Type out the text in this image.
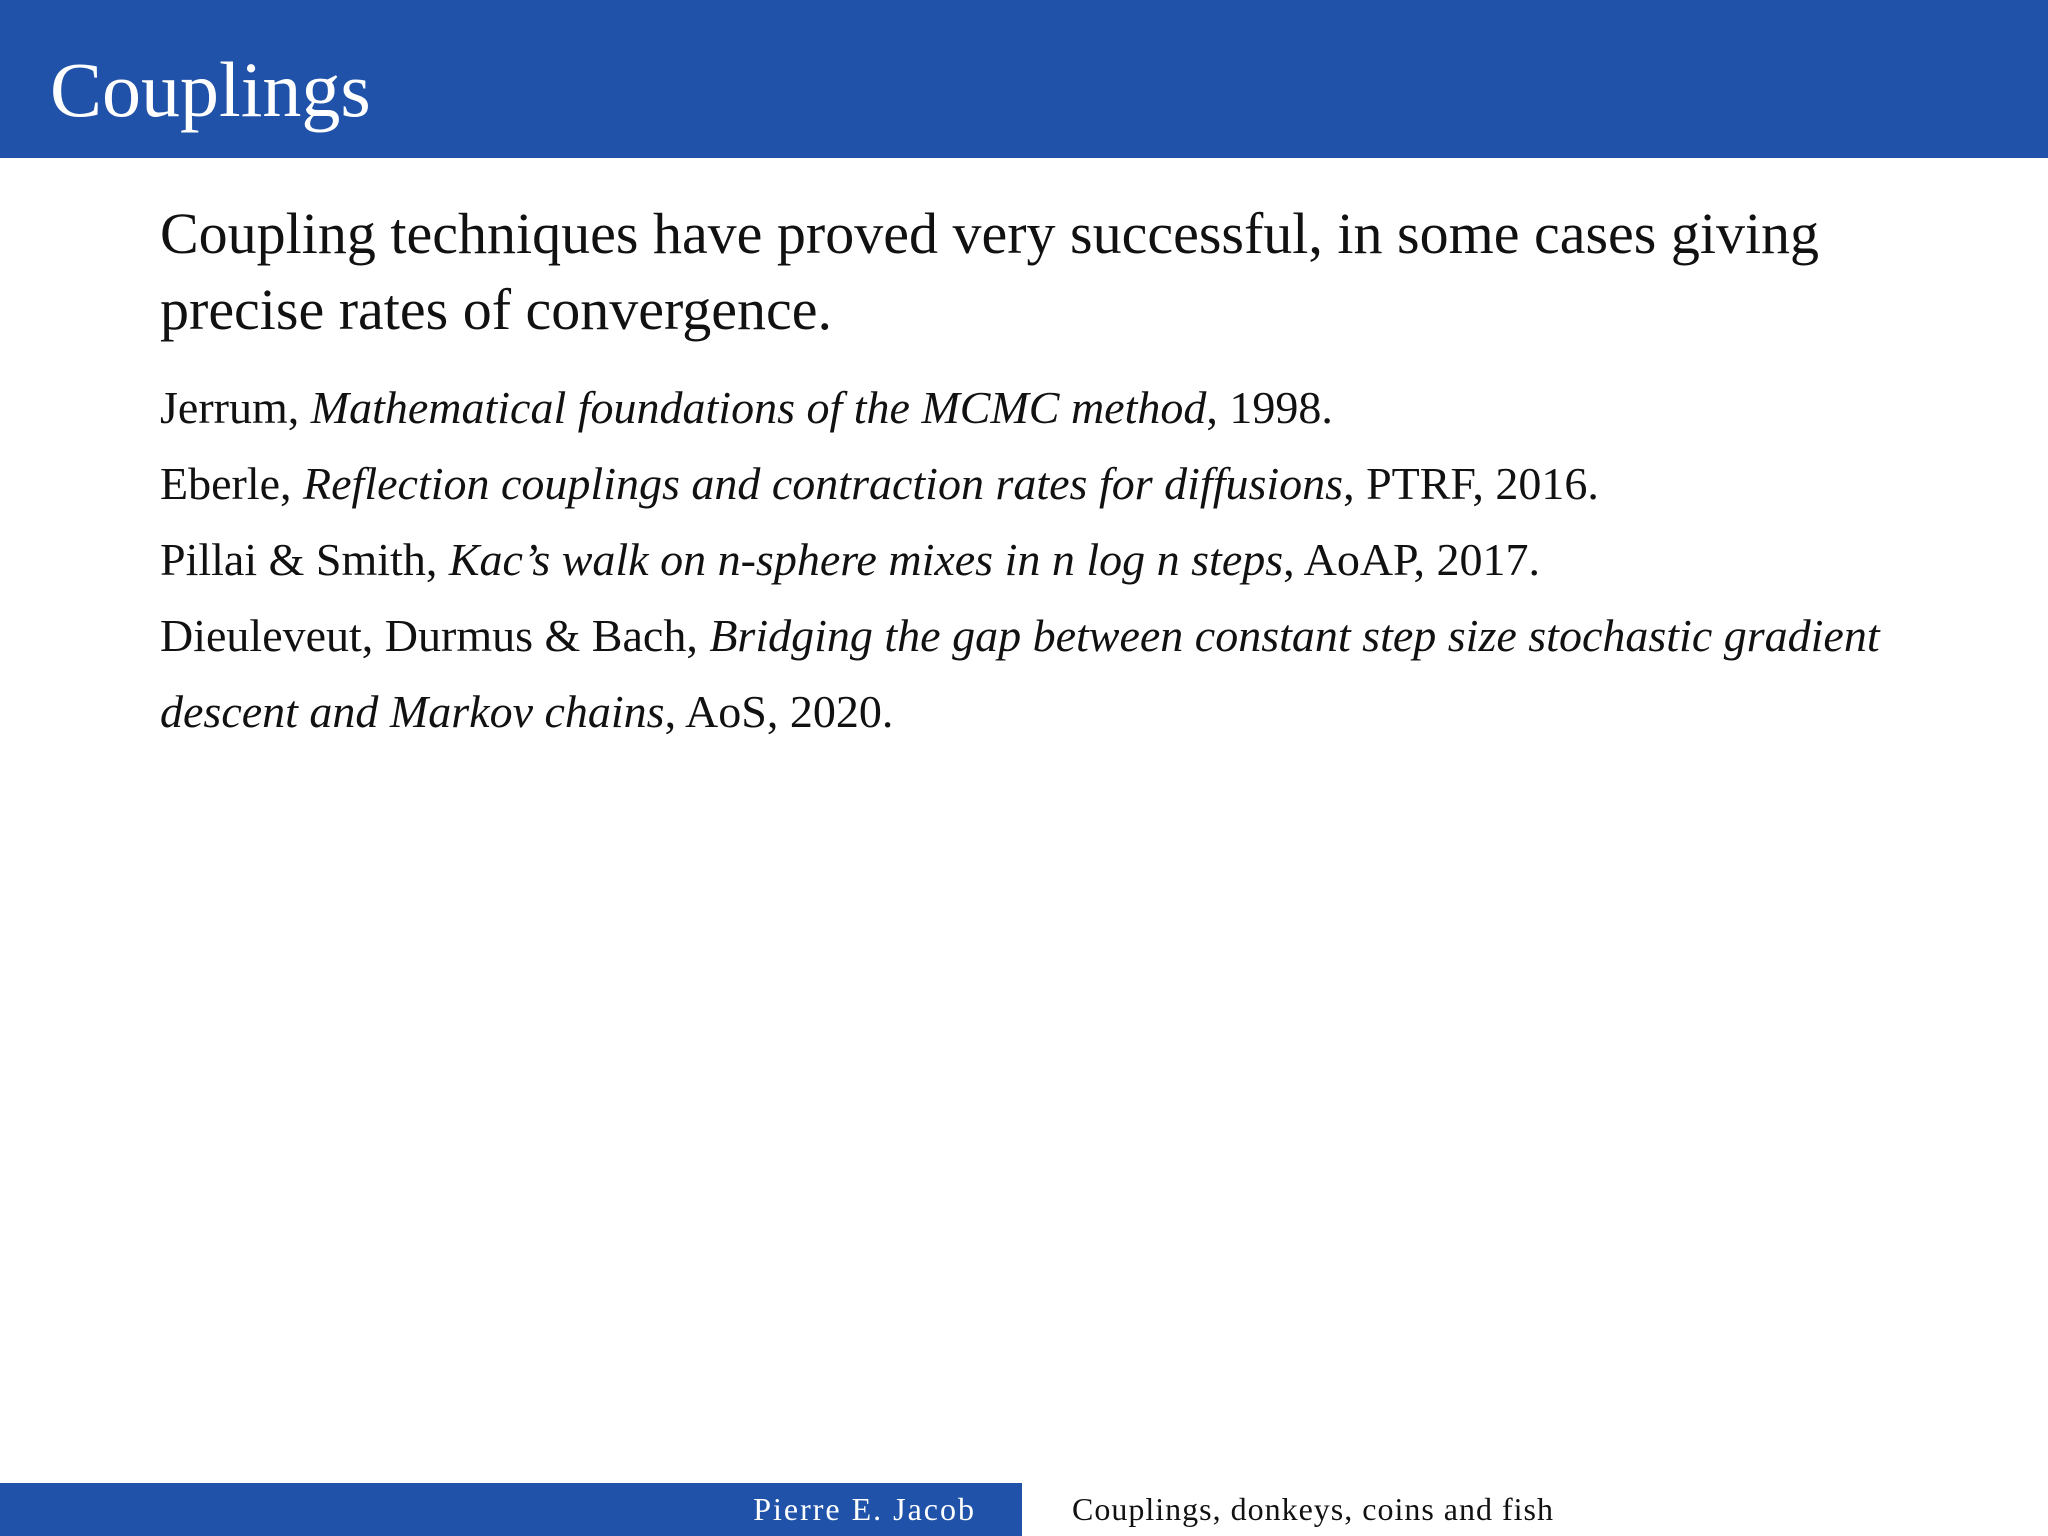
Couplings

Coupling techniques have proved very successful, in some cases giving precise rates of convergence.

Jerrum, Mathematical foundations of the MCMC method, 1998.

Eberle, Reflection couplings and contraction rates for diffusions, PTRF, 2016.

Pillai & Smith, Kac’s walk on n-sphere mixes in n log n steps, AoAP, 2017.

Dieuleveut, Durmus & Bach, Bridging the gap between constant step size stochastic gradient descent and Markov chains, AoS, 2020.

Pierre E. Jacob	Couplings, donkeys, coins and fish
